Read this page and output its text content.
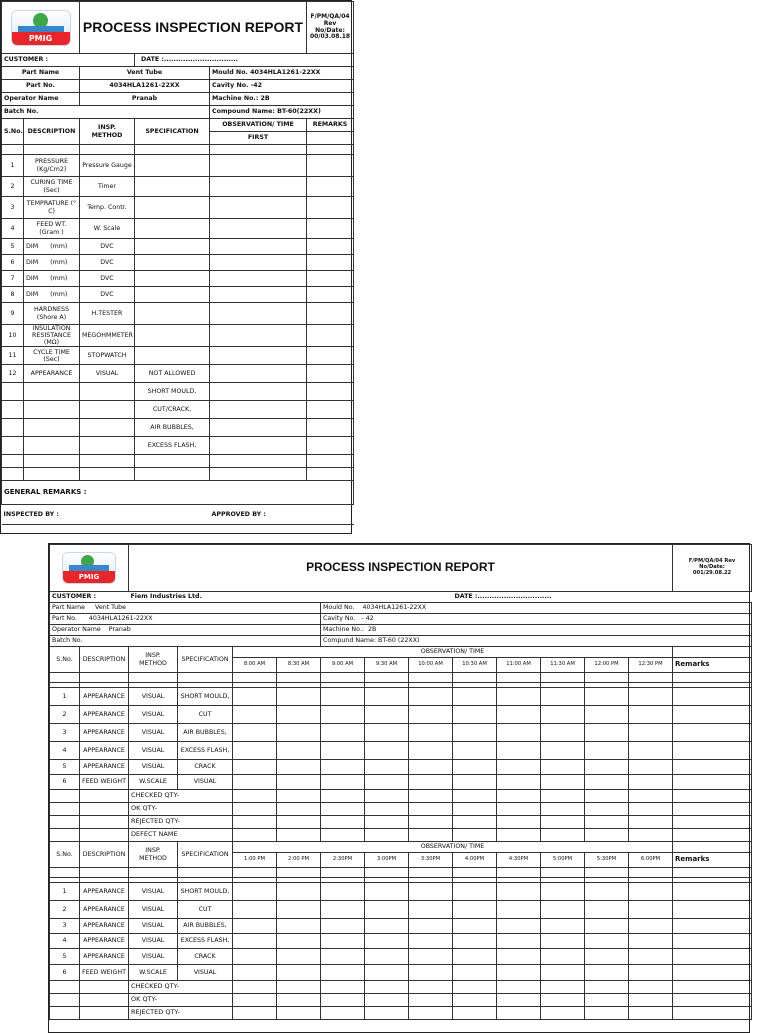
PMIG		PROCESS INSPECTION REPORT			F/PM/QA/04
Rev No/Date:
00/03.08.18
CUSTOMER :			DATE :...............................		
Part Name		Vent Tube		Mould No. 4034HLA1261-22XX	
Part No.		4034HLA1261-22XX		Cavity No. -42	
Operator Name		Pranab		Machine No.: 2B	
Batch No.				Compound Name: BT-60(22XX)	
S.No.	DESCRIPTION	INSP. METHOD	SPECIFICATION	OBSERVATION/ TIME	REMARKS
				FIRST	

1	PRESSURE (Kg/Cm2)	Pressure Gauge			
2	CURING TIME (Sec)	Timer			
3	TEMPRATURE (° C)	Temp. Contr.			
4	FEED WT. (Gram )	W. Scale			
5	DIM      (mm)	DVC			
6	DIM      (mm)	DVC			
7	DIM      (mm)	DVC			
8	DIM      (mm)	DVC			
9	HARDNESS (Shore A)	H.TESTER			
10	INSULATION RESISTANCE (MΩ)	MEGOHMMETER			
11	CYCLE TIME (Sec)	STOPWATCH			
12	APPEARANCE	VISUAL	NOT ALLOWED		
			SHORT MOULD,		
			CUT/CRACK,		
			AIR BUBBLES,		
			EXCESS FLASH,		

GENERAL REMARKS :					
INSPECTED BY :				APPROVED BY :	
PMIG		PROCESS INSPECTION REPORT												F/PM/QA/04 Rev No/Date:
001/29.08.22
CUSTOMER :		Fiem Industries Ltd.							DATE :...............................					
Part Name Vent Tube						Mould No. 4034HLA1261-22XX								
Part No. 4034HLA1261-22XX						Cavity No. - 42								
Operator Name Pranab						Machine No.: 2B								
Batch No.						Compund Name: BT-60 (22XX)								
S.No.	DESCRIPTION	INSP. METHOD	SPECIFICATION	OBSERVATION/ TIME										
				8:00 AM	8:30 AM	9:00 AM	9:30 AM	10:00 AM	10:30 AM	11:00 AM	11:30 AM	12:00 PM	12:30 PM	Remarks

1	APPEARANCE	VISUAL	SHORT MOULD,											
2	APPEARANCE	VISUAL	CUT											
3	APPEARANCE	VISUAL	AIR BUBBLES,											
4	APPEARANCE	VISUAL	EXCESS FLASH,											
5	APPEARANCE	VISUAL	CRACK											
6	FEED WEIGHT	W.SCALE	VISUAL											
		CHECKED QTY-												
		OK QTY-												
		REJECTED QTY-												
		DEFECT NAME												
S.No.	DESCRIPTION	INSP. METHOD	SPECIFICATION	OBSERVATION/ TIME										
				1:00 PM	2:00 PM	2:30PM	3:00PM	3:30PM	4:00PM	4:30PM	5:00PM	5:30PM	6:00PM	Remarks

1	APPEARANCE	VISUAL	SHORT MOULD,											
2	APPEARANCE	VISUAL	CUT											
3	APPEARANCE	VISUAL	AIR BUBBLES,											
4	APPEARANCE	VISUAL	EXCESS FLASH,											
5	APPEARANCE	VISUAL	CRACK											
6	FEED WEIGHT	W.SCALE	VISUAL											
		CHECKED QTY-												
		OK QTY-												
		REJECTED QTY-												
